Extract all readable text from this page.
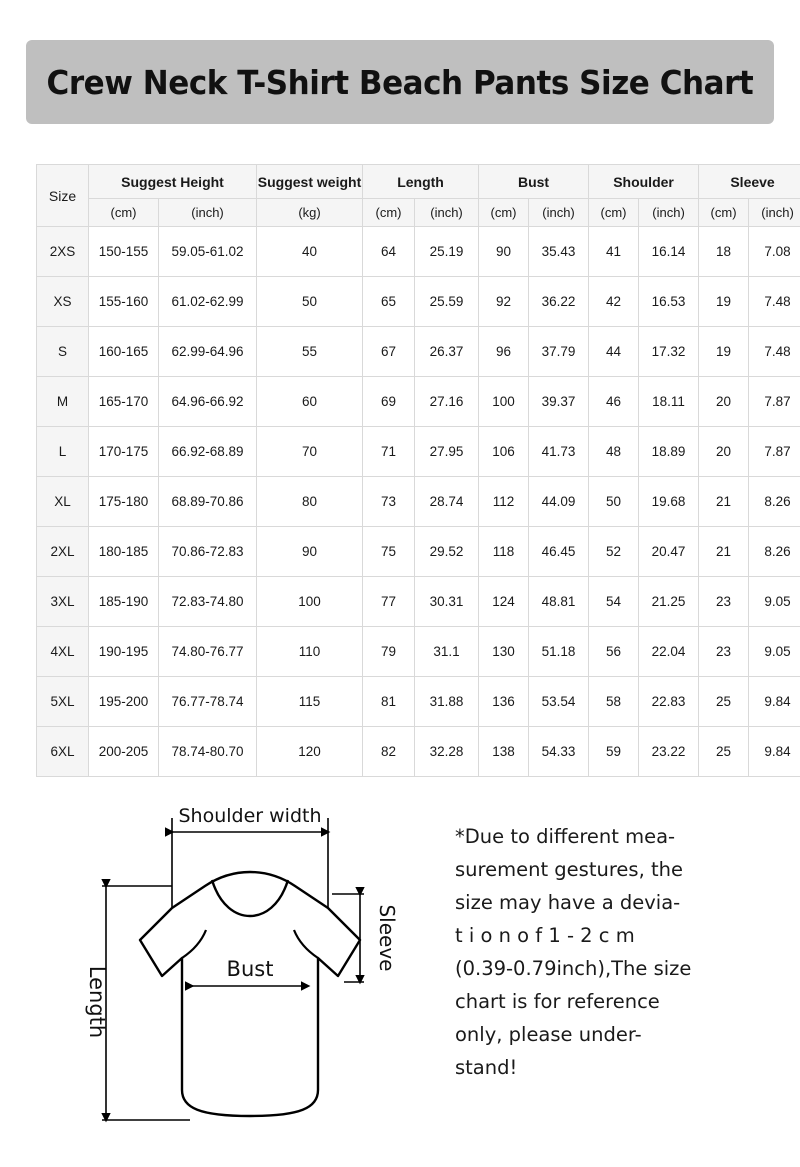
Crew Neck T-Shirt Beach Pants Size Chart
Size	Suggest Height		Suggest weight	Length		Bust		Shoulder		Sleeve	
	(cm)	(inch)	(kg)	(cm)	(inch)	(cm)	(inch)	(cm)	(inch)	(cm)	(inch)
2XS	150-155	59.05-61.02	40	64	25.19	90	35.43	41	16.14	18	7.08
XS	155-160	61.02-62.99	50	65	25.59	92	36.22	42	16.53	19	7.48
S	160-165	62.99-64.96	55	67	26.37	96	37.79	44	17.32	19	7.48
M	165-170	64.96-66.92	60	69	27.16	100	39.37	46	18.11	20	7.87
L	170-175	66.92-68.89	70	71	27.95	106	41.73	48	18.89	20	7.87
XL	175-180	68.89-70.86	80	73	28.74	112	44.09	50	19.68	21	8.26
2XL	180-185	70.86-72.83	90	75	29.52	118	46.45	52	20.47	21	8.26
3XL	185-190	72.83-74.80	100	77	30.31	124	48.81	54	21.25	23	9.05
4XL	190-195	74.80-76.77	110	79	31.1	130	51.18	56	22.04	23	9.05
5XL	195-200	76.77-78.74	115	81	31.88	136	53.54	58	22.83	25	9.84
6XL	200-205	78.74-80.70	120	82	32.28	138	54.33	59	23.22	25	9.84
Shoulder width
Bust	Sleeve
Length
*Due to different mea-
surement gestures, the
size may have a devia-
t i o n o f 1 - 2 c m
(0.39-0.79inch),The size
chart is for reference
only, please under-
stand!
